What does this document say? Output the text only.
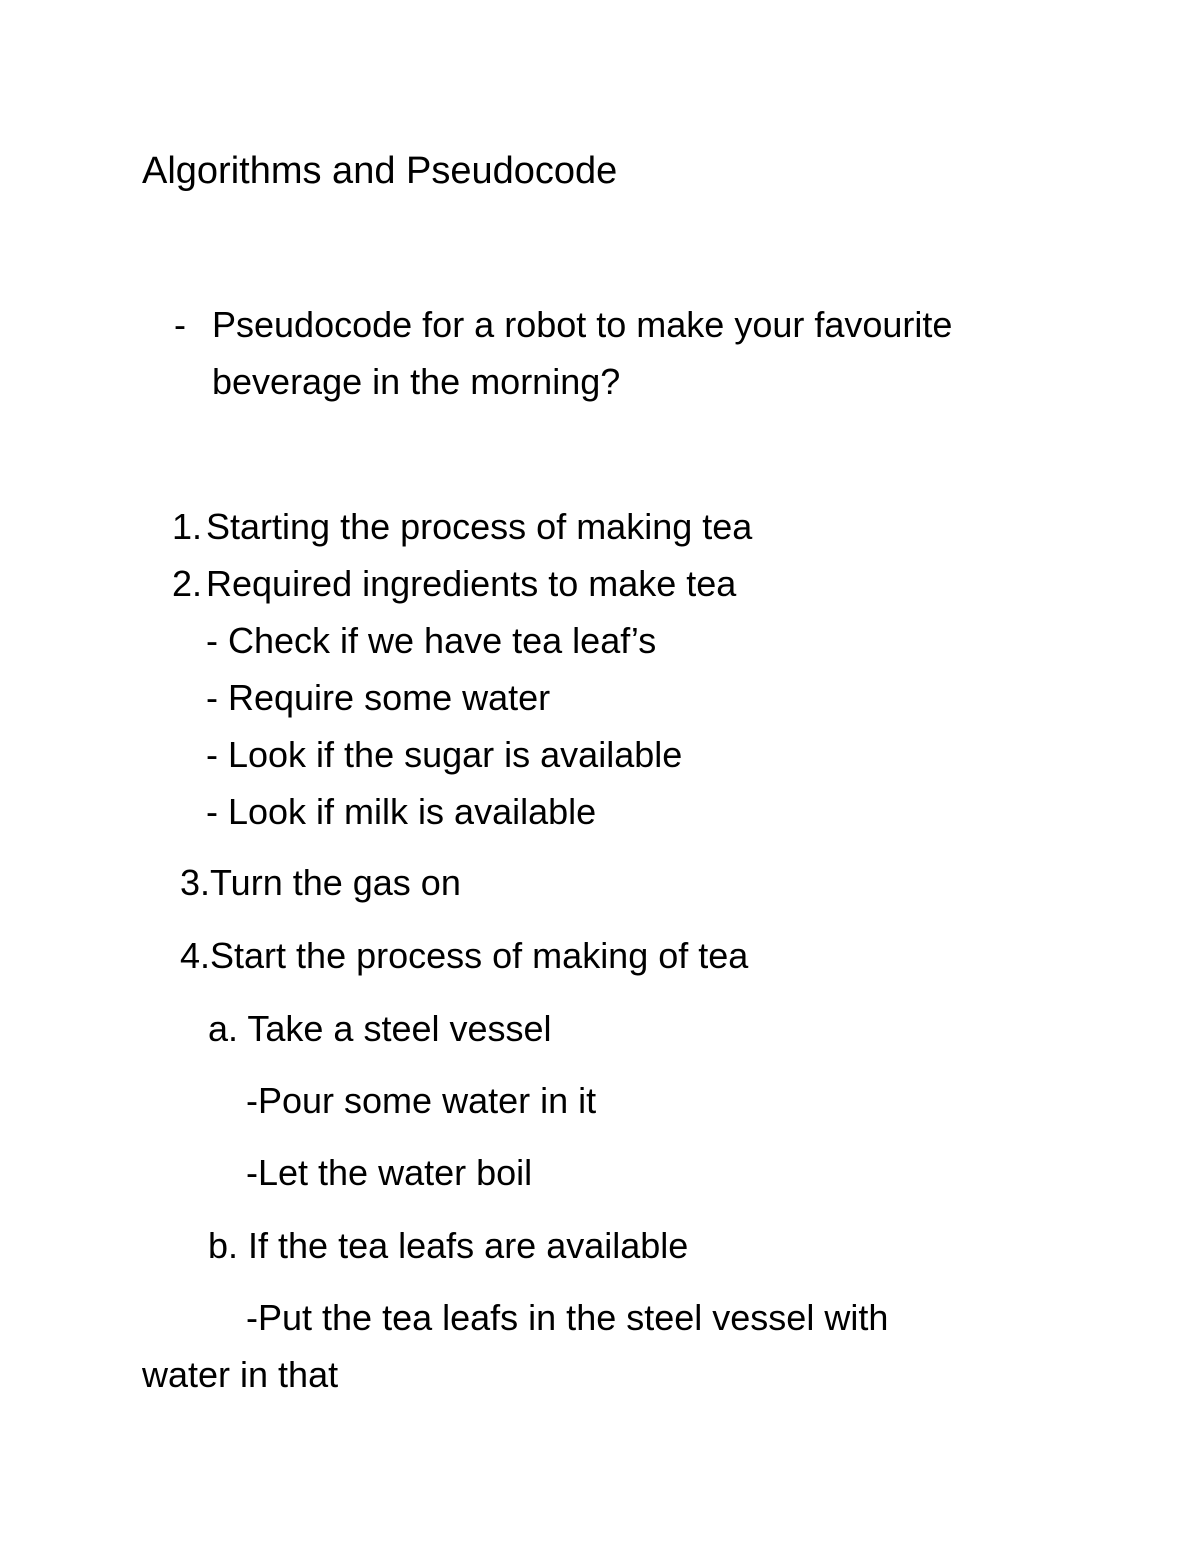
Algorithms and Pseudocode
- Pseudocode for a robot to make your favourite
beverage in the morning?
1. Starting the process of making tea
2. Required ingredients to make tea
- Check if we have tea leaf’s
- Require some water
- Look if the sugar is available
- Look if milk is available
3.Turn the gas on
4.Start the process of making of tea
a. Take a steel vessel
-Pour some water in it
-Let the water boil
b. If the tea leafs are available
-Put the tea leafs in the steel vessel with
water in that
